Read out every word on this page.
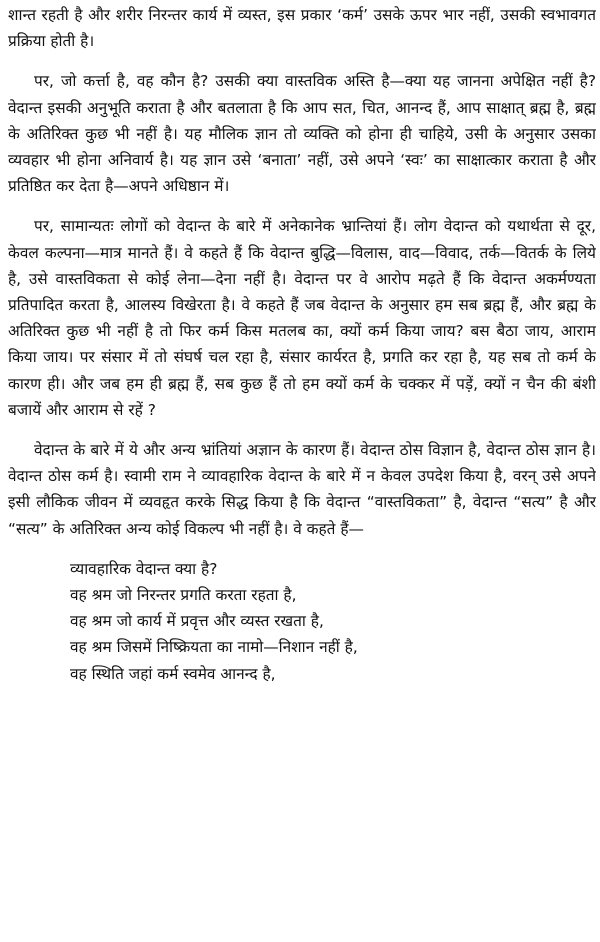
शान्त रहती है और शरीर निरन्तर कार्य में व्यस्त, इस प्रकार ‘कर्म’ उसके ऊपर भार नहीं, उसकी स्वभावगत प्रक्रिया होती है।

पर, जो कर्त्ता है, वह कौन है? उसकी क्या वास्तविक अस्ति है—क्या यह जानना अपेक्षित नहीं है? वेदान्त इसकी अनुभूति कराता है और बतलाता है कि आप सत, चित, आनन्द हैं, आप साक्षात् ब्रह्म है, ब्रह्म के अतिरिक्त कुछ भी नहीं है। यह मौलिक ज्ञान तो व्यक्ति को होना ही चाहिये, उसी के अनुसार उसका व्यवहार भी होना अनिवार्य है। यह ज्ञान उसे ‘बनाता’ नहीं, उसे अपने ‘स्वः’ का साक्षात्कार कराता है और प्रतिष्ठित कर देता है—अपने अधिष्ठान में।

पर, सामान्यतः लोगों को वेदान्त के बारे में अनेकानेक भ्रान्तियां हैं। लोग वेदान्त को यथार्थता से दूर, केवल कल्पना—मात्र मानते हैं। वे कहते हैं कि वेदान्त बुद्धि—विलास, वाद—विवाद, तर्क—वितर्क के लिये है, उसे वास्तविकता से कोई लेना—देना नहीं है। वेदान्त पर वे आरोप मढ़ते हैं कि वेदान्त अकर्मण्यता प्रतिपादित करता है, आलस्य विखेरता है। वे कहते हैं जब वेदान्त के अनुसार हम सब ब्रह्म हैं, और ब्रह्म के अतिरिक्त कुछ भी नहीं है तो फिर कर्म किस मतलब का, क्यों कर्म किया जाय? बस बैठा जाय, आराम किया जाय। पर संसार में तो संघर्ष चल रहा है, संसार कार्यरत है, प्रगति कर रहा है, यह सब तो कर्म के कारण ही। और जब हम ही ब्रह्म हैं, सब कुछ हैं तो हम क्यों कर्म के चक्कर में पड़ें, क्यों न चैन की बंशी बजायें और आराम से रहें ?

वेदान्त के बारे में ये और अन्य भ्रांतियां अज्ञान के कारण हैं। वेदान्त ठोस विज्ञान है, वेदान्त ठोस ज्ञान है। वेदान्त ठोस कर्म है। स्वामी राम ने व्यावहारिक वेदान्त के बारे में न केवल उपदेश किया है, वरन् उसे अपने इसी लौकिक जीवन में व्यवहृत करके सिद्ध किया है कि वेदान्त “वास्तविकता” है, वेदान्त “सत्य” है और “सत्य” के अतिरिक्त अन्य कोई विकल्प भी नहीं है। वे कहते हैं—

व्यावहारिक वेदान्त क्या है?
वह श्रम जो निरन्तर प्रगति करता रहता है,
वह श्रम जो कार्य में प्रवृत्त और व्यस्त रखता है,
वह श्रम जिसमें निष्क्रियता का नामो—निशान नहीं है,
वह स्थिति जहां कर्म स्वमेव आनन्द है,
